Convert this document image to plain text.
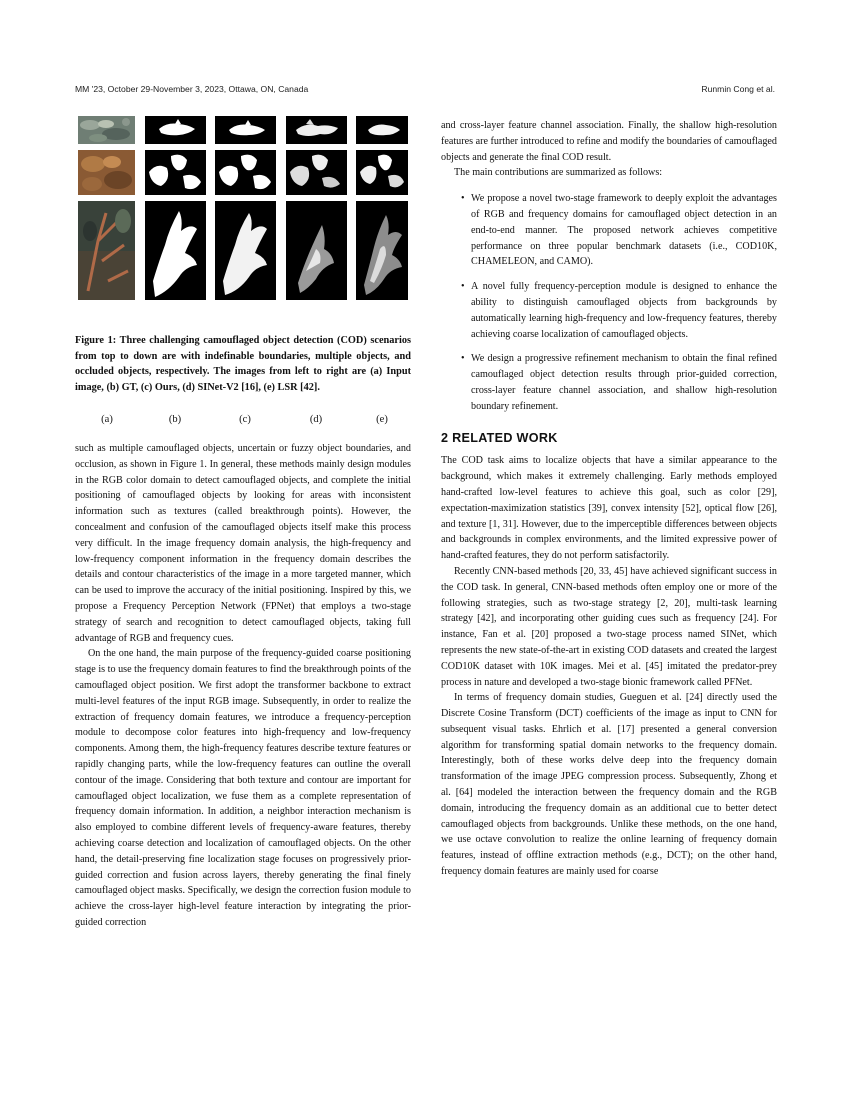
MM '23, October 29-November 3, 2023, Ottawa, ON, Canada	Runmin Cong et al.
(a)	(b)	(c)	(d)	(e)
Figure 1: Three challenging camouflaged object detection (COD) scenarios from top to down are with indefinable boundaries, multiple objects, and occluded objects, respectively. The images from left to right are (a) Input image, (b) GT, (c) Ours, (d) SINet-V2 [16], (e) LSR [42].

such as multiple camouflaged objects, uncertain or fuzzy object boundaries, and occlusion, as shown in Figure 1. In general, these methods mainly design modules in the RGB color domain to detect camouflaged objects, and complete the initial positioning of camouflaged objects by looking for areas with inconsistent information such as textures (called breakthrough points). However, the concealment and confusion of the camouflaged objects itself make this process very difficult. In the image frequency domain analysis, the high-frequency and low-frequency component information in the frequency domain describes the details and contour characteristics of the image in a more targeted manner, which can be used to improve the accuracy of the initial positioning. Inspired by this, we propose a Frequency Perception Network (FPNet) that employs a two-stage strategy of search and recognition to detect camouflaged objects, taking full advantage of RGB and frequency cues.

On the one hand, the main purpose of the frequency-guided coarse positioning stage is to use the frequency domain features to find the breakthrough points of the camouflaged object position. We first adopt the transformer backbone to extract multi-level features of the input RGB image. Subsequently, in order to realize the extraction of frequency domain features, we introduce a frequency-perception module to decompose color features into high-frequency and low-frequency components. Among them, the high-frequency features describe texture features or rapidly changing parts, while the low-frequency features can outline the overall contour of the image. Considering that both texture and contour are important for camouflaged object localization, we fuse them as a complete representation of frequency domain information. In addition, a neighbor interaction mechanism is also employed to combine different levels of frequency-aware features, thereby achieving coarse detection and localization of camouflaged objects. On the other hand, the detail-preserving fine localization stage focuses on progressively prior-guided correction and fusion across layers, thereby generating the final finely camouflaged object masks. Specifically, we design the correction fusion module to achieve the cross-layer high-level feature interaction by integrating the prior-guided correction

and cross-layer feature channel association. Finally, the shallow high-resolution features are further introduced to refine and modify the boundaries of camouflaged objects and generate the final COD result.

The main contributions are summarized as follows:

• We propose a novel two-stage framework to deeply exploit the advantages of RGB and frequency domains for camouflaged object detection in an end-to-end manner. The proposed network achieves competitive performance on three popular benchmark datasets (i.e., COD10K, CHAMELEON, and CAMO).
• A novel fully frequency-perception module is designed to enhance the ability to distinguish camouflaged objects from backgrounds by automatically learning high-frequency and low-frequency features, thereby achieving coarse localization of camouflaged objects.
• We design a progressive refinement mechanism to obtain the final refined camouflaged object detection results through prior-guided correction, cross-layer feature channel association, and shallow high-resolution boundary refinement.
2 RELATED WORK

The COD task aims to localize objects that have a similar appearance to the background, which makes it extremely challenging. Early methods employed hand-crafted low-level features to achieve this goal, such as color [29], expectation-maximization statistics [39], convex intensity [52], optical flow [26], and texture [1, 31]. However, due to the imperceptible differences between objects and backgrounds in complex environments, and the limited expressive power of hand-crafted features, they do not perform satisfactorily.

Recently CNN-based methods [20, 33, 45] have achieved significant success in the COD task. In general, CNN-based methods often employ one or more of the following strategies, such as two-stage strategy [2, 20], multi-task learning strategy [42], and incorporating other guiding cues such as frequency [24]. For instance, Fan et al. [20] proposed a two-stage process named SINet, which represents the new state-of-the-art in existing COD datasets and created the largest COD10K dataset with 10K images. Mei et al. [45] imitated the predator-prey process in nature and developed a two-stage bionic framework called PFNet.

In terms of frequency domain studies, Gueguen et al. [24] directly used the Discrete Cosine Transform (DCT) coefficients of the image as input to CNN for subsequent visual tasks. Ehrlich et al. [17] presented a general conversion algorithm for transforming spatial domain networks to the frequency domain. Interestingly, both of these works delve deep into the frequency domain transformation of the image JPEG compression process. Subsequently, Zhong et al. [64] modeled the interaction between the frequency domain and the RGB domain, introducing the frequency domain as an additional cue to better detect camouflaged objects from backgrounds. Unlike these methods, on the one hand, we use octave convolution to realize the online learning of frequency domain features, instead of offline extraction methods (e.g., DCT); on the other hand, frequency domain features are mainly used for coarse
